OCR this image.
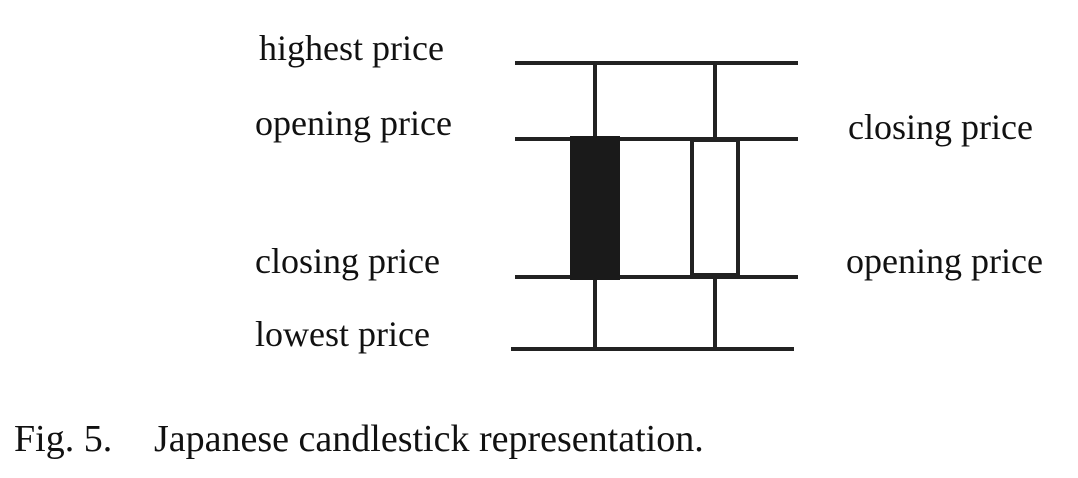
highest price
opening price
closing price
lowest price
closing price
opening price
Fig. 5. Japanese candlestick representation.
